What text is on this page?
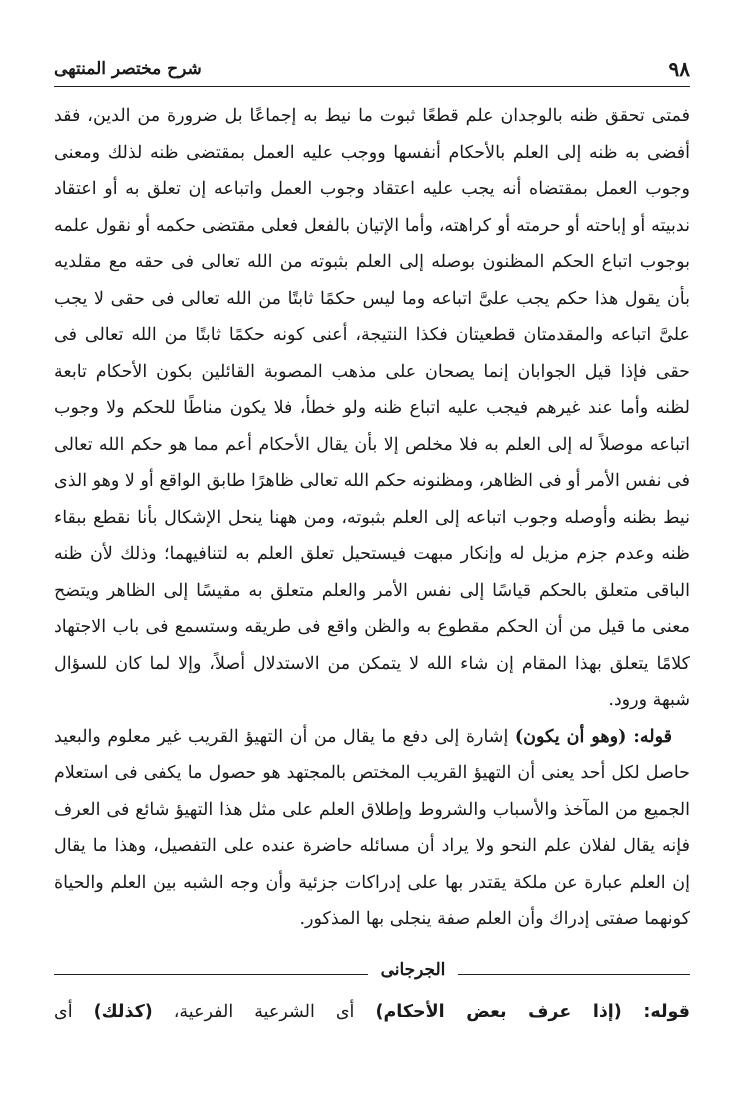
٩٨
شرح مختصر المنتهى

فمتى تحقق ظنه بالوجدان علم قطعًا ثبوت ما نيط به إجماعًا بل ضرورة من الدين، فقد أفضى به ظنه إلى العلم بالأحكام أنفسها ووجب عليه العمل بمقتضى ظنه لذلك ومعنى وجوب العمل بمقتضاه أنه يجب عليه اعتقاد وجوب العمل واتباعه إن تعلق به أو اعتقاد ندبيته أو إباحته أو حرمته أو كراهته، وأما الإتيان بالفعل فعلى مقتضى حكمه أو نقول علمه بوجوب اتباع الحكم المظنون بوصله إلى العلم بثبوته من الله تعالى فى حقه مع مقلديه بأن يقول هذا حكم يجب علىَّ اتباعه وما ليس حكمًا ثابتًا من الله تعالى فى حقى لا يجب علىَّ اتباعه والمقدمتان قطعيتان فكذا النتيجة، أعنى كونه حكمًا ثابتًا من الله تعالى فى حقى فإذا قيل الجوابان إنما يصحان على مذهب المصوبة القائلين بكون الأحكام تابعة لظنه وأما عند غيرهم فيجب عليه اتباع ظنه ولو خطأ، فلا يكون مناطًا للحكم ولا وجوب اتباعه موصلاً له إلى العلم به فلا مخلص إلا بأن يقال الأحكام أعم مما هو حكم الله تعالى فى نفس الأمر أو فى الظاهر، ومظنونه حكم الله تعالى ظاهرًا طابق الواقع أو لا وهو الذى نيط بظنه وأوصله وجوب اتباعه إلى العلم بثبوته، ومن ههنا ينحل الإشكال بأنا نقطع ببقاء ظنه وعدم جزم مزيل له وإنكار مبهت فيستحيل تعلق العلم به لتنافيهما؛ وذلك لأن ظنه الباقى متعلق بالحكم قياسًا إلى نفس الأمر والعلم متعلق به مقيسًا إلى الظاهر ويتضح معنى ما قيل من أن الحكم مقطوع به والظن واقع فى طريقه وستسمع فى باب الاجتهاد كلامًا يتعلق بهذا المقام إن شاء الله لا يتمكن من الاستدلال أصلاً، وإلا لما كان للسؤال شبهة ورود.

قوله: (وهو أن يكون) إشارة إلى دفع ما يقال من أن التهيؤ القريب غير معلوم والبعيد حاصل لكل أحد يعنى أن التهيؤ القريب المختص بالمجتهد هو حصول ما يكفى فى استعلام الجميع من المآخذ والأسباب والشروط وإطلاق العلم على مثل هذا التهيؤ شائع فى العرف فإنه يقال لفلان علم النحو ولا يراد أن مسائله حاضرة عنده على التفصيل، وهذا ما يقال إن العلم عبارة عن ملكة يقتدر بها على إدراكات جزئية وأن وجه الشبه بين العلم والحياة كونهما صفتى إدراك وأن العلم صفة ينجلى بها المذكور.

الجرجانى
قوله: (إذا عرف بعض الأحكام) أى الشرعية الفرعية، (كذلك) أى
